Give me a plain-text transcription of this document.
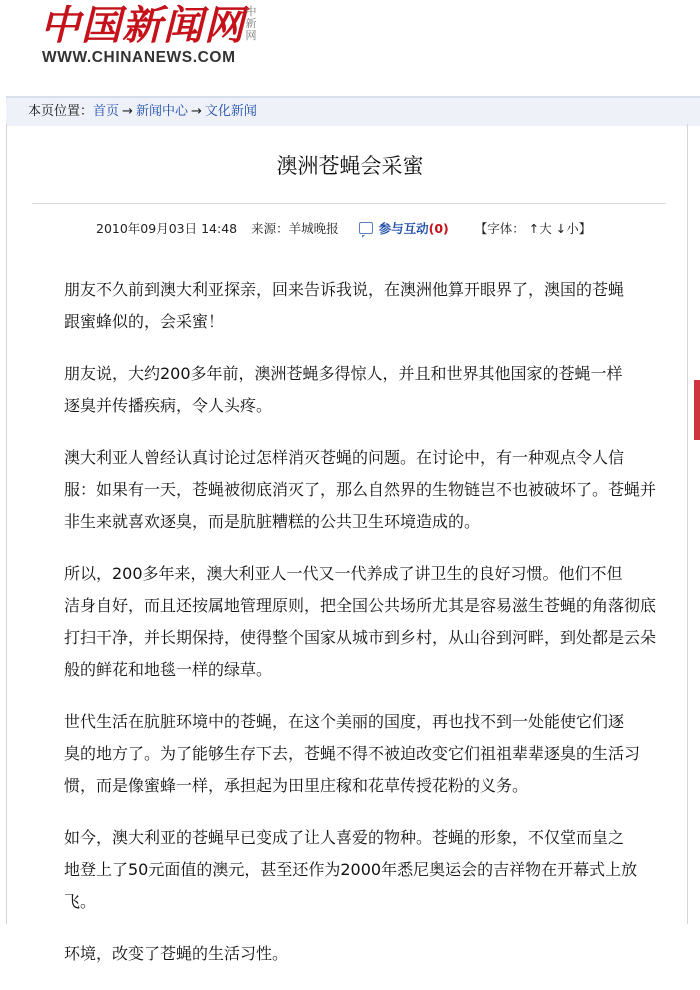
中国新闻网 中新网
WWW.CHINANEWS.COM
本页位置：首页 → 新闻中心 → 文化新闻
澳洲苍蝇会采蜜
2010年09月03日 14:48 来源：羊城晚报	参与互动(0) 【字体： ↑大 ↓小】

朋友不久前到澳大利亚探亲，回来告诉我说，在澳洲他算开眼界了，澳国的苍蝇
跟蜜蜂似的，会采蜜！

朋友说，大约200多年前，澳洲苍蝇多得惊人，并且和世界其他国家的苍蝇一样
逐臭并传播疾病，令人头疼。

澳大利亚人曾经认真讨论过怎样消灭苍蝇的问题。在讨论中，有一种观点令人信
服：如果有一天，苍蝇被彻底消灭了，那么自然界的生物链岂不也被破坏了。苍蝇并
非生来就喜欢逐臭，而是肮脏糟糕的公共卫生环境造成的。

所以，200多年来，澳大利亚人一代又一代养成了讲卫生的良好习惯。他们不但
洁身自好，而且还按属地管理原则，把全国公共场所尤其是容易滋生苍蝇的角落彻底
打扫干净，并长期保持，使得整个国家从城市到乡村，从山谷到河畔，到处都是云朵
般的鲜花和地毯一样的绿草。

世代生活在肮脏环境中的苍蝇，在这个美丽的国度，再也找不到一处能使它们逐
臭的地方了。为了能够生存下去，苍蝇不得不被迫改变它们祖祖辈辈逐臭的生活习
惯，而是像蜜蜂一样，承担起为田里庄稼和花草传授花粉的义务。

如今，澳大利亚的苍蝇早已变成了让人喜爱的物种。苍蝇的形象，不仅堂而皇之
地登上了50元面值的澳元，甚至还作为2000年悉尼奥运会的吉祥物在开幕式上放
飞。

环境，改变了苍蝇的生活习性。
